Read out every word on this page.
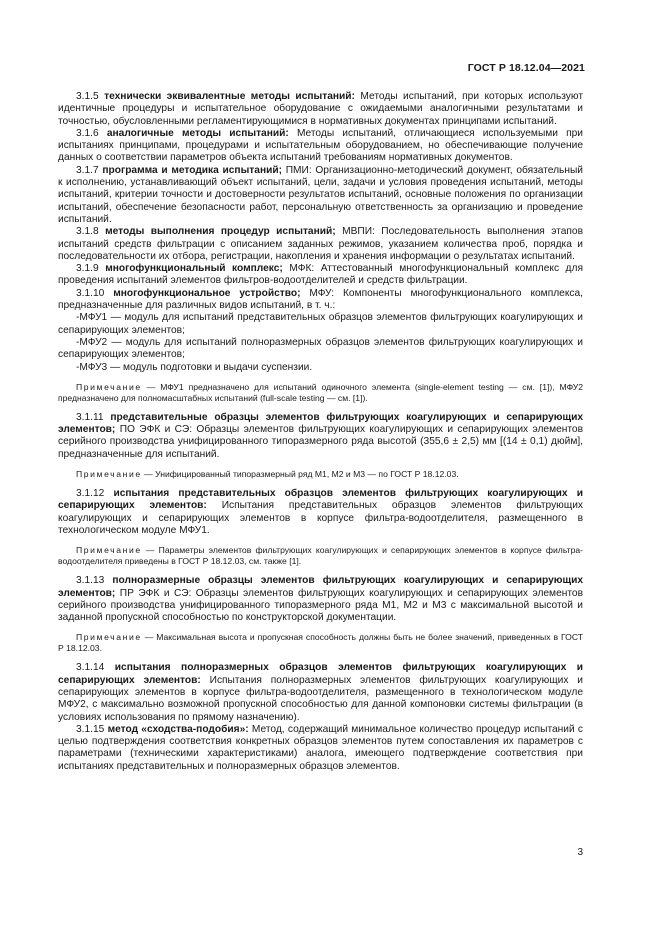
ГОСТ Р 18.12.04—2021

3.1.5 технически эквивалентные методы испытаний: Методы испытаний, при которых используют идентичные процедуры и испытательное оборудование с ожидаемыми аналогичными результатами и точностью, обусловленными регламентирующимися в нормативных документах принципами испытаний.

3.1.6 аналогичные методы испытаний: Методы испытаний, отличающиеся используемыми при испытаниях принципами, процедурами и испытательным оборудованием, но обеспечивающие получение данных о соответствии параметров объекта испытаний требованиям нормативных документов.

3.1.7 программа и методика испытаний; ПМИ: Организационно-методический документ, обязательный к исполнению, устанавливающий объект испытаний, цели, задачи и условия проведения испытаний, методы испытаний, критерии точности и достоверности результатов испытаний, основные положения по организации испытаний, обеспечение безопасности работ, персональную ответственность за организацию и проведение испытаний.

3.1.8 методы выполнения процедур испытаний; МВПИ: Последовательность выполнения этапов испытаний средств фильтрации с описанием заданных режимов, указанием количества проб, порядка и последовательности их отбора, регистрации, накопления и хранения информации о результатах испытаний.

3.1.9 многофункциональный комплекс; МФК: Аттестованный многофункциональный комплекс для проведения испытаний элементов фильтров-водоотделителей и средств фильтрации.

3.1.10 многофункциональное устройство; МФУ: Компоненты многофункционального комплекса, предназначенные для различных видов испытаний, в т. ч.:

-МФУ1 — модуль для испытаний представительных образцов элементов фильтрующих коагулирующих и сепарирующих элементов;

-МФУ2 — модуль для испытаний полноразмерных образцов элементов фильтрующих коагулирующих и сепарирующих элементов;

-МФУ3 — модуль подготовки и выдачи суспензии.

Примечание — МФУ1 предназначено для испытаний одиночного элемента (single-element testing — см. [1]), МФУ2 предназначено для полномасштабных испытаний (full-scale testing — см. [1]).

3.1.11 представительные образцы элементов фильтрующих коагулирующих и сепарирующих элементов; ПО ЭФК и СЭ: Образцы элементов фильтрующих коагулирующих и сепарирующих элементов серийного производства унифицированного типоразмерного ряда высотой (355,6 ± 2,5) мм [(14 ± 0,1) дюйм], предназначенные для испытаний.

Примечание — Унифицированный типоразмерный ряд М1, М2 и М3 — по ГОСТ Р 18.12.03.

3.1.12 испытания представительных образцов элементов фильтрующих коагулирующих и сепарирующих элементов: Испытания представительных образцов элементов фильтрующих коагулирующих и сепарирующих элементов в корпусе фильтра-водоотделителя, размещенного в технологическом модуле МФУ1.

Примечание — Параметры элементов фильтрующих коагулирующих и сепарирующих элементов в корпусе фильтра-водоотделителя приведены в ГОСТ Р 18.12.03, см. также [1].

3.1.13 полноразмерные образцы элементов фильтрующих коагулирующих и сепарирующих элементов; ПР ЭФК и СЭ: Образцы элементов фильтрующих коагулирующих и сепарирующих элементов серийного производства унифицированного типоразмерного ряда М1, М2 и М3 с максимальной высотой и заданной пропускной способностью по конструкторской документации.

Примечание — Максимальная высота и пропускная способность должны быть не более значений, приведенных в ГОСТ Р 18.12.03.

3.1.14 испытания полноразмерных образцов элементов фильтрующих коагулирующих и сепарирующих элементов: Испытания полноразмерных элементов фильтрующих коагулирующих и сепарирующих элементов в корпусе фильтра-водоотделителя, размещенного в технологическом модуле МФУ2, с максимально возможной пропускной способностью для данной компоновки системы фильтрации (в условиях использования по прямому назначению).

3.1.15 метод «сходства-подобия»: Метод, содержащий минимальное количество процедур испытаний с целью подтверждения соответствия конкретных образцов элементов путем сопоставления их параметров с параметрами (техническими характеристиками) аналога, имеющего подтверждение соответствия при испытаниях представительных и полноразмерных образцов элементов.

3
